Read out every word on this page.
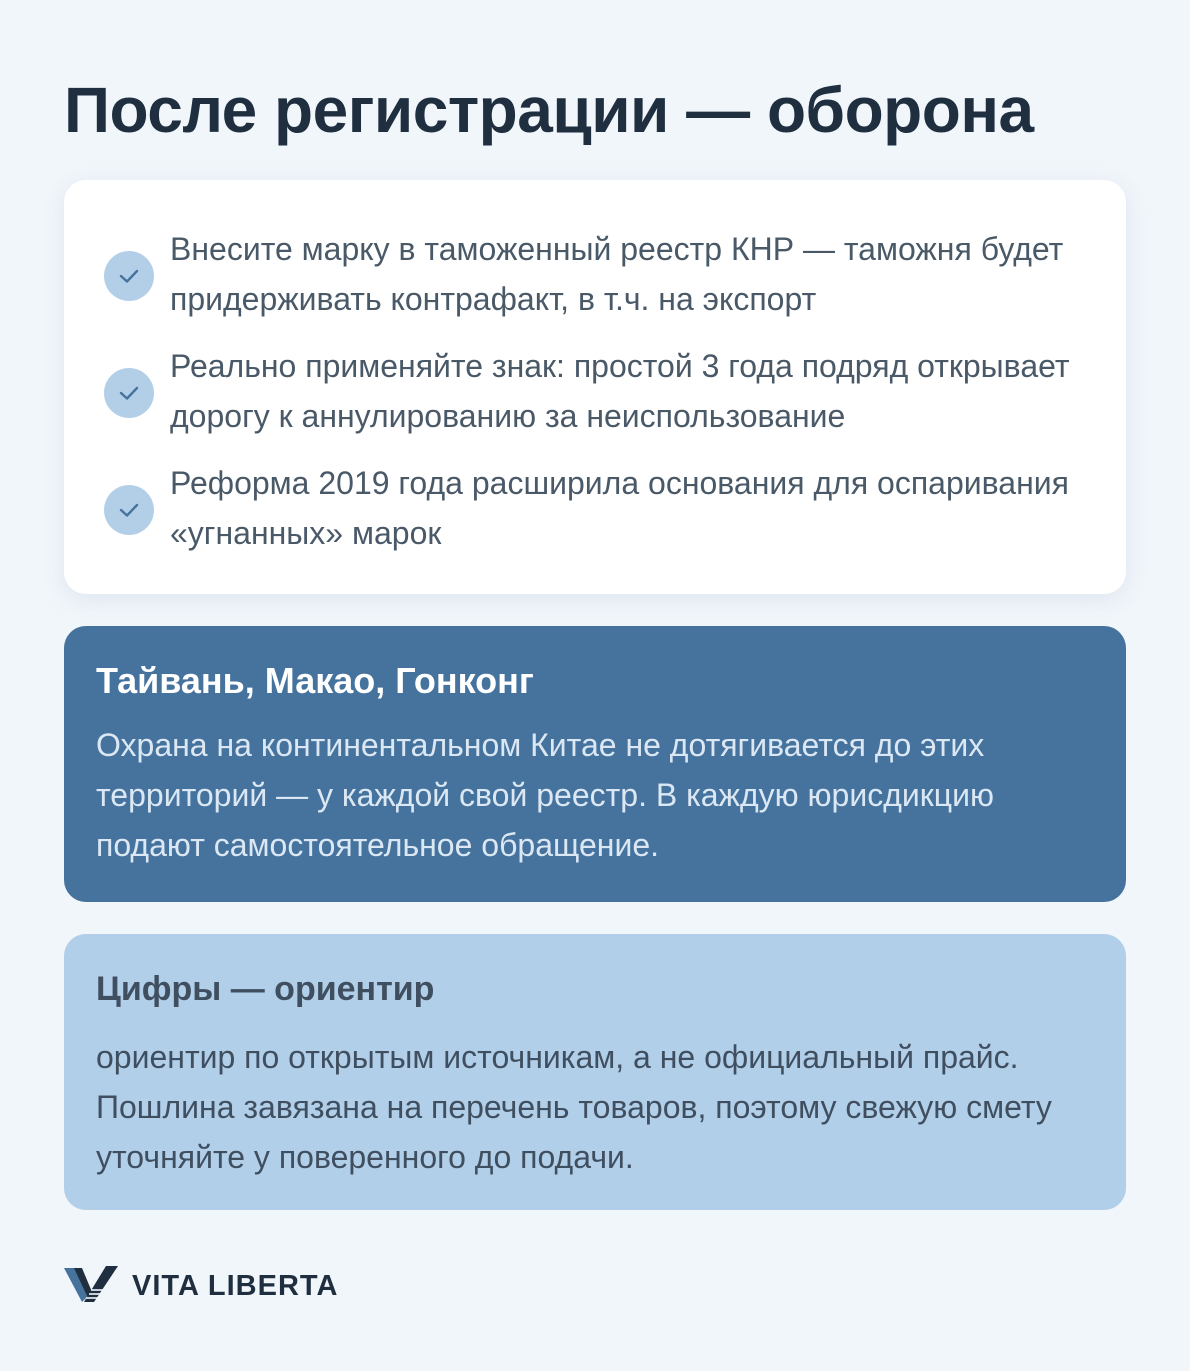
После регистрации — оборона
Внесите марку в таможенный реестр КНР — таможня будет придерживать контрафакт, в т.ч. на экспорт
Реально применяйте знак: простой 3 года подряд открывает дорогу к аннулированию за неиспользование
Реформа 2019 года расширила основания для оспаривания «угнанных» марок
Тайвань, Макао, Гонконг
Охрана на континентальном Китае не дотягивается до этих территорий — у каждой свой реестр. В каждую юрисдикцию подают самостоятельное обращение.
Цифры — ориентир
ориентир по открытым источникам, а не официальный прайс. Пошлина завязана на перечень товаров, поэтому свежую смету уточняйте у поверенного до подачи.
VITA LIBERTA
